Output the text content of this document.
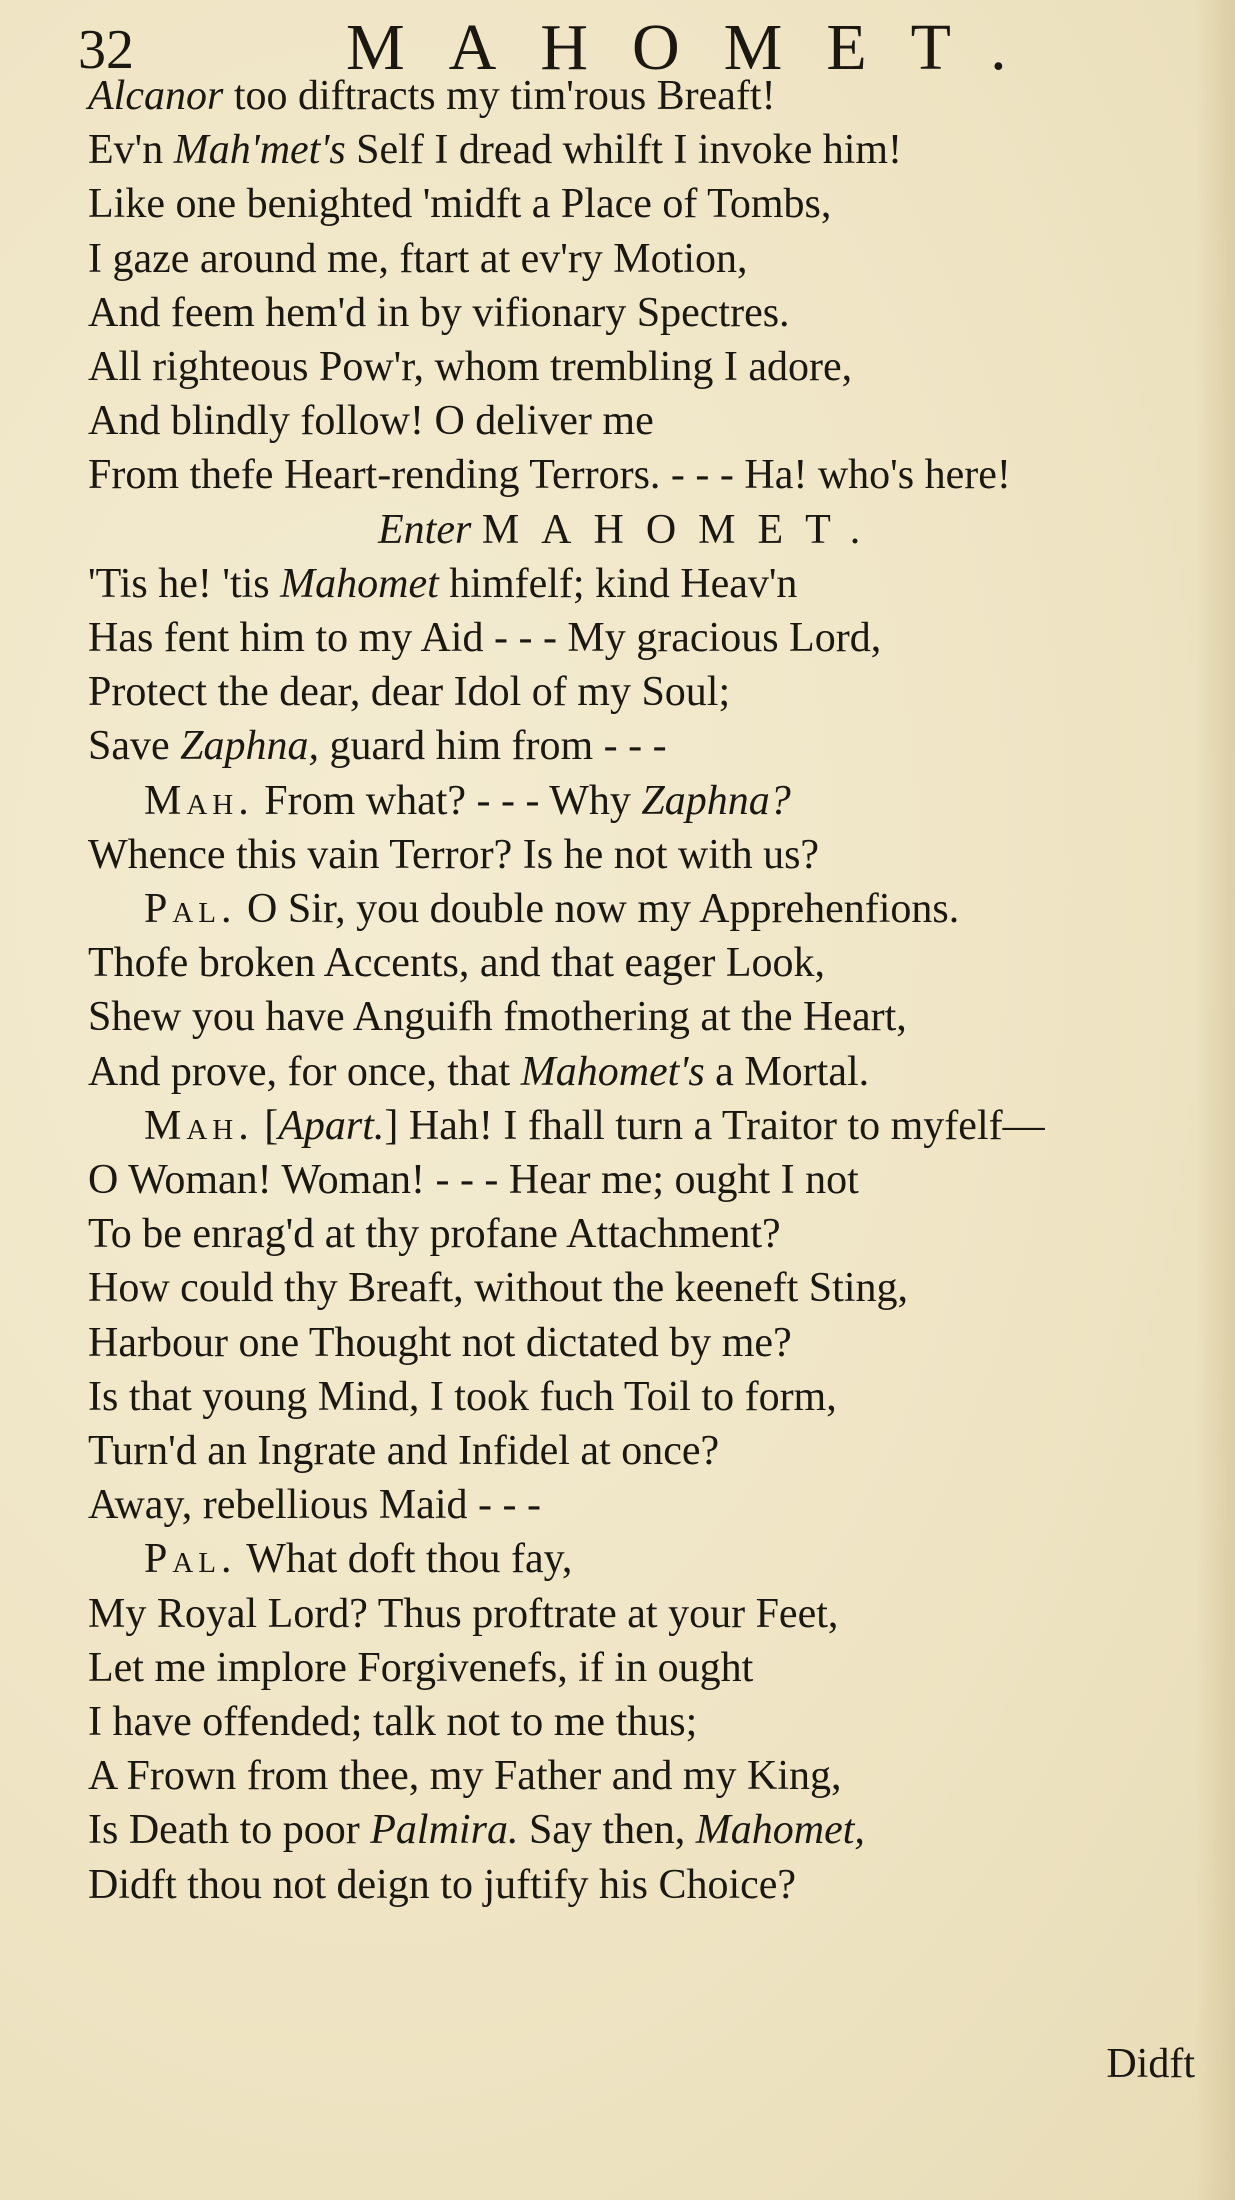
32	MAHOMET.
Alcanor too diftracts my tim'rous Breaft!
Ev'n Mah'met's Self I dread whilft I invoke him!
Like one benighted 'midft a Place of Tombs,
I gaze around me, ftart at ev'ry Motion,
And feem hem'd in by vifionary Spectres.
All righteous Pow'r, whom trembling I adore,
And blindly follow! O deliver me
From thefe Heart-rending Terrors. - - - Ha! who's here!
Enter MAHOMET.
'Tis he! 'tis Mahomet himfelf; kind Heav'n
Has fent him to my Aid - - - My gracious Lord,
Protect the dear, dear Idol of my Soul;
Save Zaphna, guard him from - - -
Mah. From what? - - - Why Zaphna?
Whence this vain Terror? Is he not with us?
Pal. O Sir, you double now my Apprehenfions.
Thofe broken Accents, and that eager Look,
Shew you have Anguifh fmothering at the Heart,
And prove, for once, that Mahomet's a Mortal.
Mah. [Apart.] Hah! I fhall turn a Traitor to myfelf—
O Woman! Woman! - - - Hear me; ought I not
To be enrag'd at thy profane Attachment?
How could thy Breaft, without the keeneft Sting,
Harbour one Thought not dictated by me?
Is that young Mind, I took fuch Toil to form,
Turn'd an Ingrate and Infidel at once?
Away, rebellious Maid - - -
Pal. What doft thou fay,
My Royal Lord? Thus proftrate at your Feet,
Let me implore Forgivenefs, if in ought
I have offended; talk not to me thus;
A Frown from thee, my Father and my King,
Is Death to poor Palmira. Say then, Mahomet,
Didft thou not deign to juftify his Choice?
Didft
